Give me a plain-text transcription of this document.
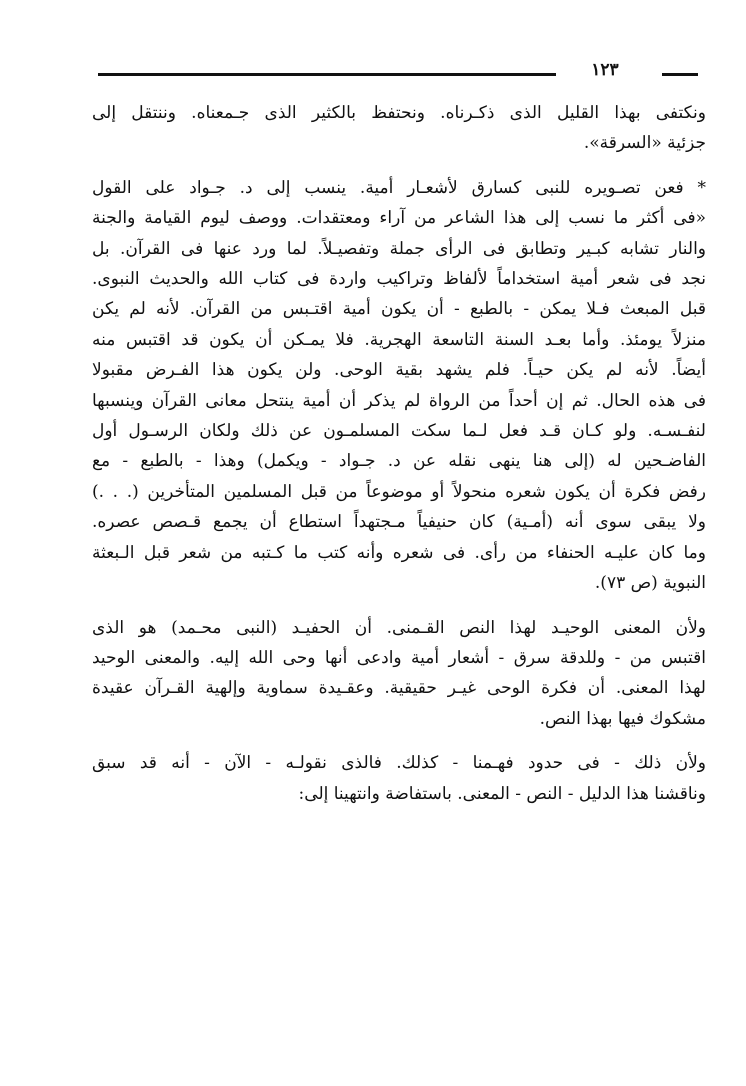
١٢٣

ونكتفى بهذا القليل الذى ذكـرناه. ونحتفظ بالكثير الذى جـمعناه. وننتقل إلى
جزئية «السرقة».

* فعن تصـويره للنبى كسارق لأشعـار أمية. ينسب إلى د. جـواد على القول
«فى أكثر ما نسب إلى هذا الشاعر من آراء ومعتقدات. ووصف ليوم القيامة والجنة
والنار تشابه كبـير وتطابق فى الرأى جملة وتفصيـلاً. لما ورد عنها فى القرآن. بل
نجد فى شعر أمية استخداماً لألفاظ وتراكيب واردة فى كتاب الله والحديث النبوى.
قبل المبعث فـلا يمكن - بالطبع - أن يكون أمية اقتـبس من القرآن. لأنه لم يكن
منزلاً يومئذ. وأما بعـد السنة التاسعة الهجرية. فلا يمـكن أن يكون قد اقتبس منه
أيضاً. لأنه لم يكن حيـاً. فلم يشهد بقية الوحى. ولن يكون هذا الفـرض مقبولا
فى هذه الحال. ثم إن أحداً من الرواة لم يذكر أن أمية ينتحل معانى القرآن وينسبها
لنفـسـه. ولو كـان قـد فعل لـما سكت المسلمـون عن ذلك ولكان الرسـول أول
الفاضـحين له (إلى هنا ينهى نقله عن د. جـواد - ويكمل) وهذا - بالطبع - مع
رفض فكرة أن يكون شعره منحولاً أو موضوعاً من قبل المسلمين المتأخرين (. . .)
ولا يبقى سوى أنه (أمـية) كان حنيفياً مـجتهداً استطاع أن يجمع قـصص عصره.
وما كان عليـه الحنفاء من رأى. فى شعره وأنه كتب ما كـتبه من شعر قبل الـبعثة
النبوية (ص ٧٣).

ولأن المعنى الوحيـد لهذا النص القـمنى. أن الحفيـد (النبى محـمد) هو الذى
اقتبس من - وللدقة سرق - أشعار أمية وادعى أنها وحى الله إليه. والمعنى الوحيد
لهذا المعنى. أن فكرة الوحى غيـر حقيقية. وعقـيدة سماوية وإلهية القـرآن عقيدة
مشكوك فيها بهذا النص.

ولأن ذلك - فى حدود فهـمنا - كذلك. فالذى نقولـه - الآن - أنه قد سبق
وناقشنا هذا الدليل - النص - المعنى. باستفاضة وانتهينا إلى:
